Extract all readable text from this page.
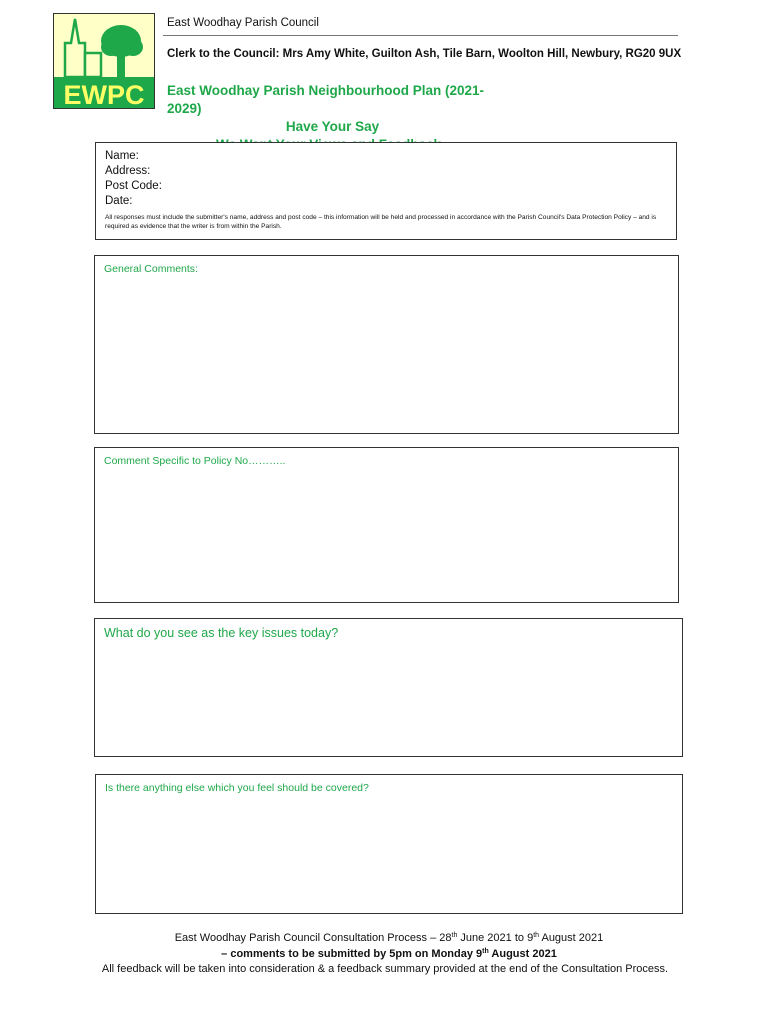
EWPC
East Woodhay Parish Council
Clerk to the Council: Mrs Amy White, Guilton Ash, Tile Barn, Woolton Hill, Newbury, RG20 9UX
East Woodhay Parish Neighbourhood Plan (2021-2029)
Have Your Say
Name:
Address:
Post Code:
Date:
All responses must include the submitter's name, address and post code – this information will be held and processed in accordance with the Parish Council's Data Protection Policy – and is required as evidence that the writer is from within the Parish.
General Comments:
Comment Specific to Policy No………..
What do you see as the key issues today?
Is there anything else which you feel should be covered?
East Woodhay Parish Council Consultation Process – 28th June 2021 to 9th August 2021
– comments to be submitted by 5pm on Monday 9th August 2021
All feedback will be taken into consideration & a feedback summary provided at the end of the Consultation Process.
